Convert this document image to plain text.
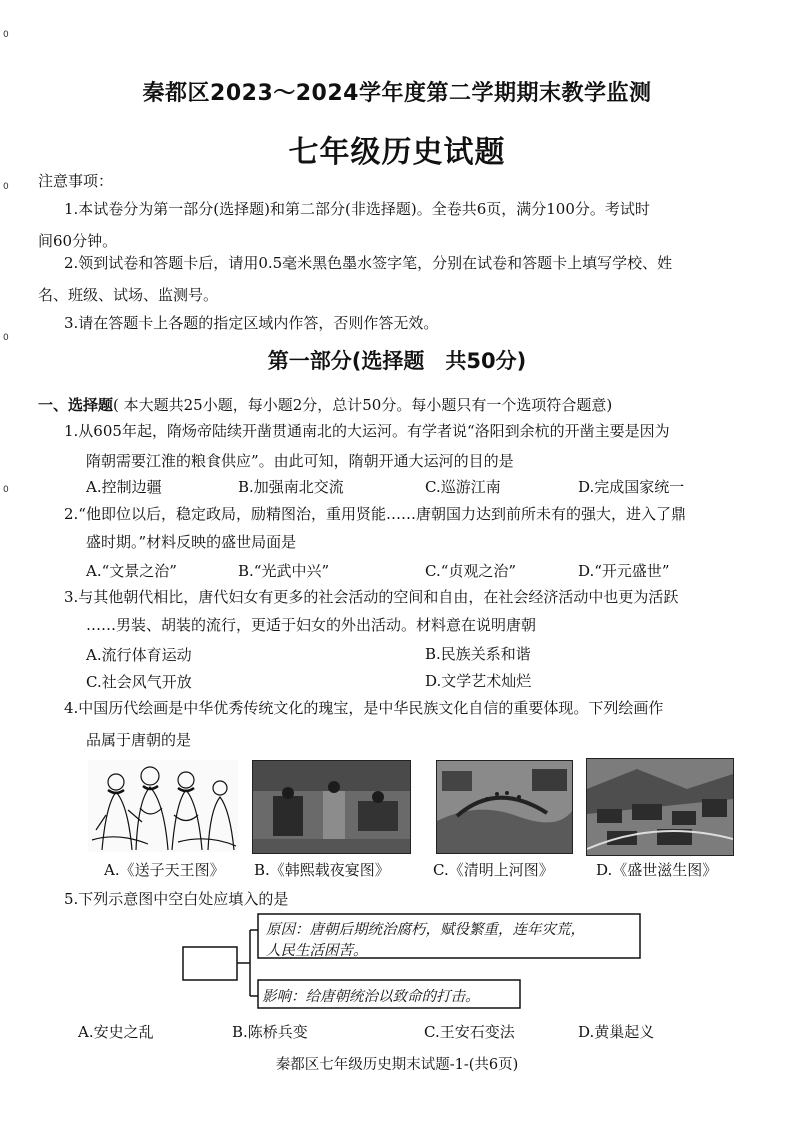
0
0
0
0
秦都区2023～2024学年度第二学期期末教学监测
七年级历史试题
注意事项：
1.本试卷分为第一部分(选择题)和第二部分(非选择题)。全卷共6页，满分100分。考试时
间60分钟。
2.领到试卷和答题卡后，请用0.5毫米黑色墨水签字笔，分别在试卷和答题卡上填写学校、姓
名、班级、试场、监测号。
3.请在答题卡上各题的指定区域内作答，否则作答无效。
第一部分(选择题　共50分)
一、选择题( 本大题共25小题，每小题2分，总计50分。每小题只有一个选项符合题意)
1.从605年起，隋炀帝陆续开凿贯通南北的大运河。有学者说“洛阳到余杭的开凿主要是因为
隋朝需要江淮的粮食供应”。由此可知，隋朝开通大运河的目的是
A.控制边疆	B.加强南北交流	C.巡游江南	D.完成国家统一
2.“他即位以后，稳定政局，励精图治，重用贤能……唐朝国力达到前所未有的强大，进入了鼎
盛时期。”材料反映的盛世局面是
A.“文景之治”	B.“光武中兴”	C.“贞观之治”	D.“开元盛世”
3.与其他朝代相比，唐代妇女有更多的社会活动的空间和自由，在社会经济活动中也更为活跃
……男装、胡装的流行，更适于妇女的外出活动。材料意在说明唐朝
A.流行体育运动	B.民族关系和谐
C.社会风气开放	D.文学艺术灿烂
4.中国历代绘画是中华优秀传统文化的瑰宝，是中华民族文化自信的重要体现。下列绘画作
品属于唐朝的是
A.《送子天王图》 B.《韩熙载夜宴图》	C.《清明上河图》	D.《盛世滋生图》
5.下列示意图中空白处应填入的是
原因：唐朝后期统治腐朽，赋役繁重，连年灾荒，
人民生活困苦。
影响：给唐朝统治以致命的打击。
A.安史之乱	B.陈桥兵变	C.王安石变法	D.黄巢起义
秦都区七年级历史期末试题-1-(共6页)
